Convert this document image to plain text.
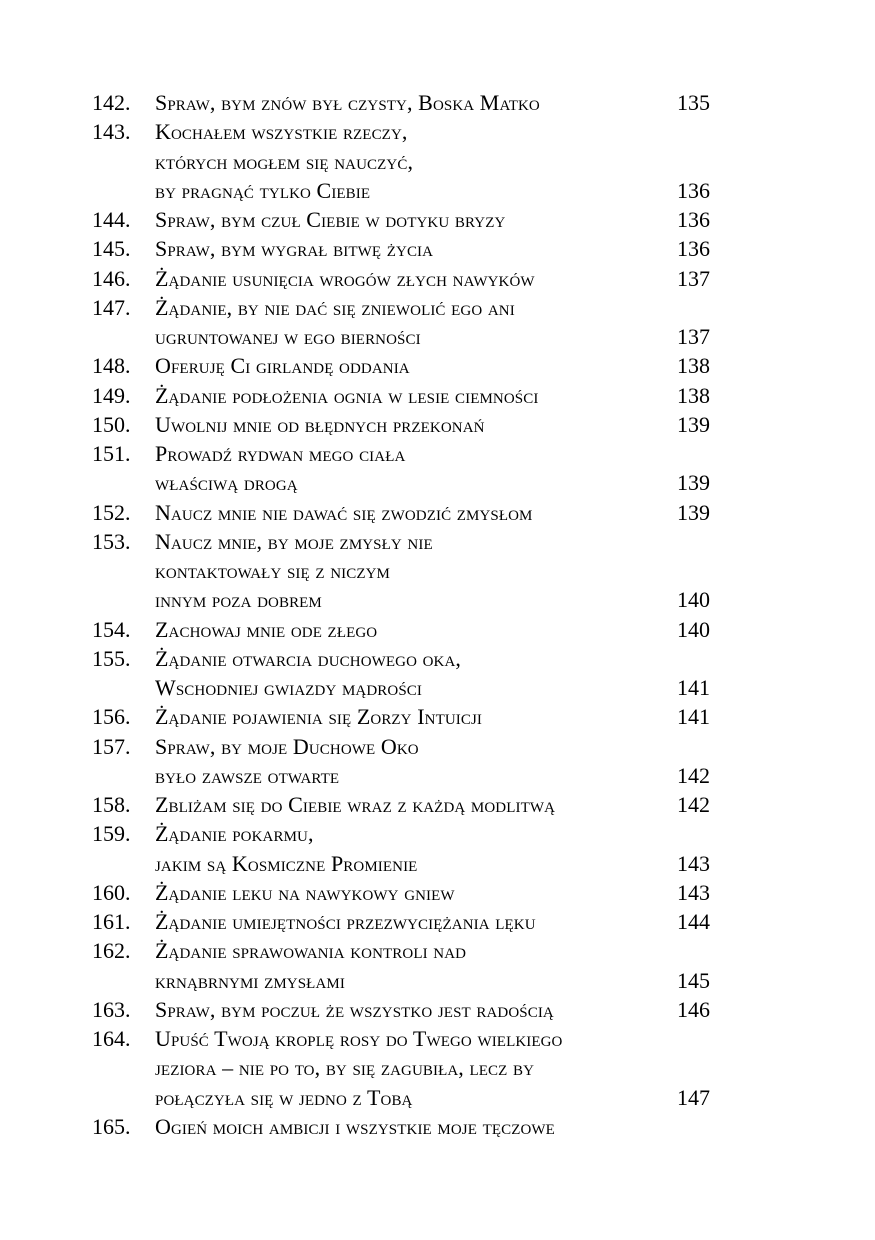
142. Spraw, bym znów był czysty, Boska Matko	135
143. Kochałem wszystkie rzeczy,
których mogłem się nauczyć,
by pragnąć tylko Ciebie	136
144. Spraw, bym czuł Ciebie w dotyku bryzy	136
145. Spraw, bym wygrał bitwę życia	136
146. Żądanie usunięcia wrogów złych nawyków	137
147. Żądanie, by nie dać się zniewolić ego ani
ugruntowanej w ego bierności	137
148. Oferuję Ci girlandę oddania	138
149. Żądanie podłożenia ognia w lesie ciemności	138
150. Uwolnij mnie od błędnych przekonań	139
151. Prowadź rydwan mego ciała
właściwą drogą	139
152. Naucz mnie nie dawać się zwodzić zmysłom	139
153. Naucz mnie, by moje zmysły nie
kontaktowały się z niczym
innym poza dobrem	140
154. Zachowaj mnie ode złego	140
155. Żądanie otwarcia duchowego oka,
Wschodniej gwiazdy mądrości	141
156. Żądanie pojawienia się Zorzy Intuicji	141
157. Spraw, by moje Duchowe Oko
było zawsze otwarte	142
158. Zbliżam się do Ciebie wraz z każdą modlitwą	142
159. Żądanie pokarmu,
jakim są Kosmiczne Promienie	143
160. Żądanie leku na nawykowy gniew	143
161. Żądanie umiejętności przezwyciężania lęku	144
162. Żądanie sprawowania kontroli nad
krnąbrnymi zmysłami	145
163. Spraw, bym poczuł że wszystko jest radością	146
164. Upuść Twoją kroplę rosy do Twego wielkiego
jeziora – nie po to, by się zagubiła, lecz by
połączyła się w jedno z Tobą	147
165. Ogień moich ambicji i wszystkie moje tęczowe
